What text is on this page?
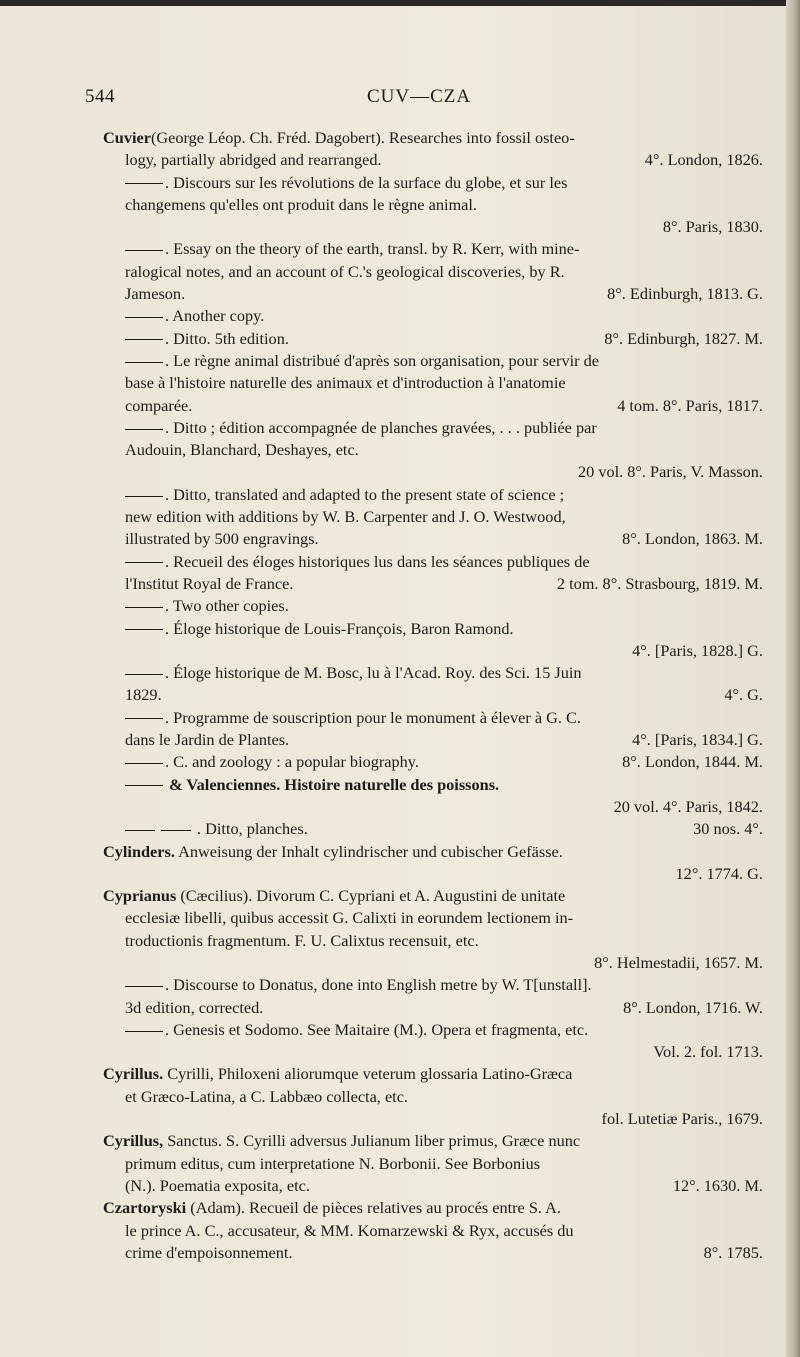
544	CUV—CZA
Cuvier(George Léop. Ch. Fréd. Dagobert). Researches into fossil osteo-
4°. London, 1826.
logy, partially abridged and rearranged.
. Discours sur les révolutions de la surface du globe, et sur les
changemens qu'elles ont produit dans le règne animal.
8°. Paris, 1830.
. Essay on the theory of the earth, transl. by R. Kerr, with mine-
ralogical notes, and an account of C.'s geological discoveries, by R.
8°. Edinburgh, 1813. G.
Jameson.
. Another copy.
8°. Edinburgh, 1827. M.
. Ditto. 5th edition.
. Le règne animal distribué d'après son organisation, pour servir de
base à l'histoire naturelle des animaux et d'introduction à l'anatomie
4 tom. 8°. Paris, 1817.
comparée.
. Ditto ; édition accompagnée de planches gravées, . . . publiée par
Audouin, Blanchard, Deshayes, etc.
20 vol. 8°. Paris, V. Masson.
. Ditto, translated and adapted to the present state of science ;
new edition with additions by W. B. Carpenter and J. O. Westwood,
8°. London, 1863. M.
illustrated by 500 engravings.
. Recueil des éloges historiques lus dans les séances publiques de
2 tom. 8°. Strasbourg, 1819. M.
l'Institut Royal de France.
. Two other copies.
. Éloge historique de Louis-François, Baron Ramond.
4°. [Paris, 1828.] G.
. Éloge historique de M. Bosc, lu à l'Acad. Roy. des Sci. 15 Juin
4°. G.
1829.
. Programme de souscription pour le monument à élever à G. C.
4°. [Paris, 1834.] G.
dans le Jardin de Plantes.
8°. London, 1844. M.
. C. and zoology : a popular biography.
& Valenciennes. Histoire naturelle des poissons.
20 vol. 4°. Paris, 1842.
30 nos. 4°.
. Ditto, planches.
Cylinders. Anweisung der Inhalt cylindrischer und cubischer Gefässe.
12°. 1774. G.
Cyprianus (Cæcilius). Divorum C. Cypriani et A. Augustini de unitate
ecclesiæ libelli, quibus accessit G. Calixti in eorundem lectionem in-
troductionis fragmentum. F. U. Calixtus recensuit, etc.
8°. Helmestadii, 1657. M.
. Discourse to Donatus, done into English metre by W. T[unstall].
8°. London, 1716. W.
3d edition, corrected.
. Genesis et Sodomo. See Maitaire (M.). Opera et fragmenta, etc.
Vol. 2. fol. 1713.
Cyrillus. Cyrilli, Philoxeni aliorumque veterum glossaria Latino-Græca
et Græco-Latina, a C. Labbæo collecta, etc.
fol. Lutetiæ Paris., 1679.
Cyrillus, Sanctus. S. Cyrilli adversus Julianum liber primus, Græce nunc
primum editus, cum interpretatione N. Borbonii. See Borbonius
12°. 1630. M.
(N.). Poematia exposita, etc.
Czartoryski (Adam). Recueil de pièces relatives au procés entre S. A.
le prince A. C., accusateur, & MM. Komarzewski & Ryx, accusés du
8°. 1785.
crime d'empoisonnement.
